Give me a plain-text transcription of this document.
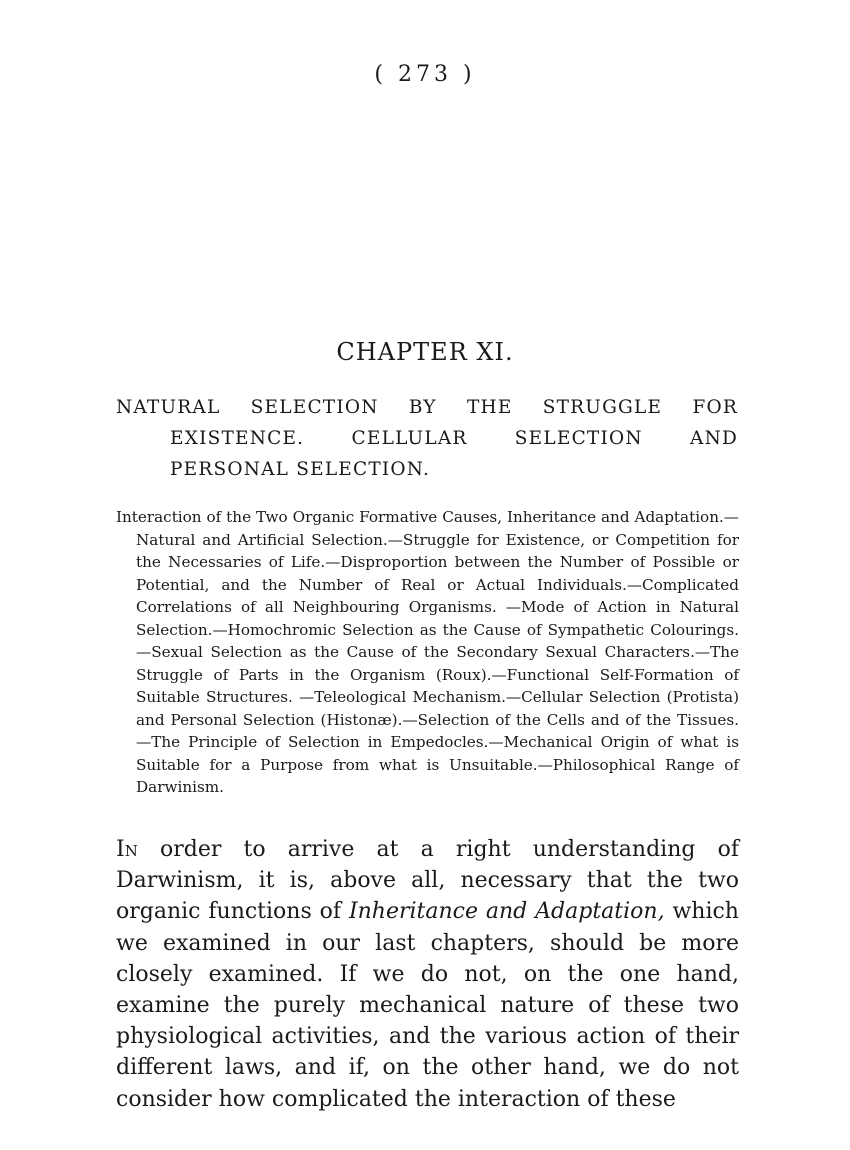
( 273 )
CHAPTER XI.
NATURAL SELECTION BY THE STRUGGLE FOR EXISTENCE. CELLULAR SELECTION AND PERSONAL SELECTION.
Interaction of the Two Organic Formative Causes, Inheritance and Adaptation.—Natural and Artificial Selection.—Struggle for Existence, or Competition for the Necessaries of Life.—Disproportion between the Number of Possible or Potential, and the Number of Real or Actual Individuals.—Complicated Correlations of all Neighbouring Organisms. —Mode of Action in Natural Selection.—Homochromic Selection as the Cause of Sympathetic Colourings.—Sexual Selection as the Cause of the Secondary Sexual Characters.—The Struggle of Parts in the Organism (Roux).—Functional Self-Formation of Suitable Structures. —Teleological Mechanism.—Cellular Selection (Protista) and Personal Selection (Histonæ).—Selection of the Cells and of the Tissues.—The Principle of Selection in Empedocles.—Mechanical Origin of what is Suitable for a Purpose from what is Unsuitable.—Philosophical Range of Darwinism.
In order to arrive at a right understanding of Darwinism, it is, above all, necessary that the two organic functions of Inheritance and Adaptation, which we examined in our last chapters, should be more closely examined. If we do not, on the one hand, examine the purely mechanical nature of these two physiological activities, and the various action of their different laws, and if, on the other hand, we do not consider how complicated the interaction of these
